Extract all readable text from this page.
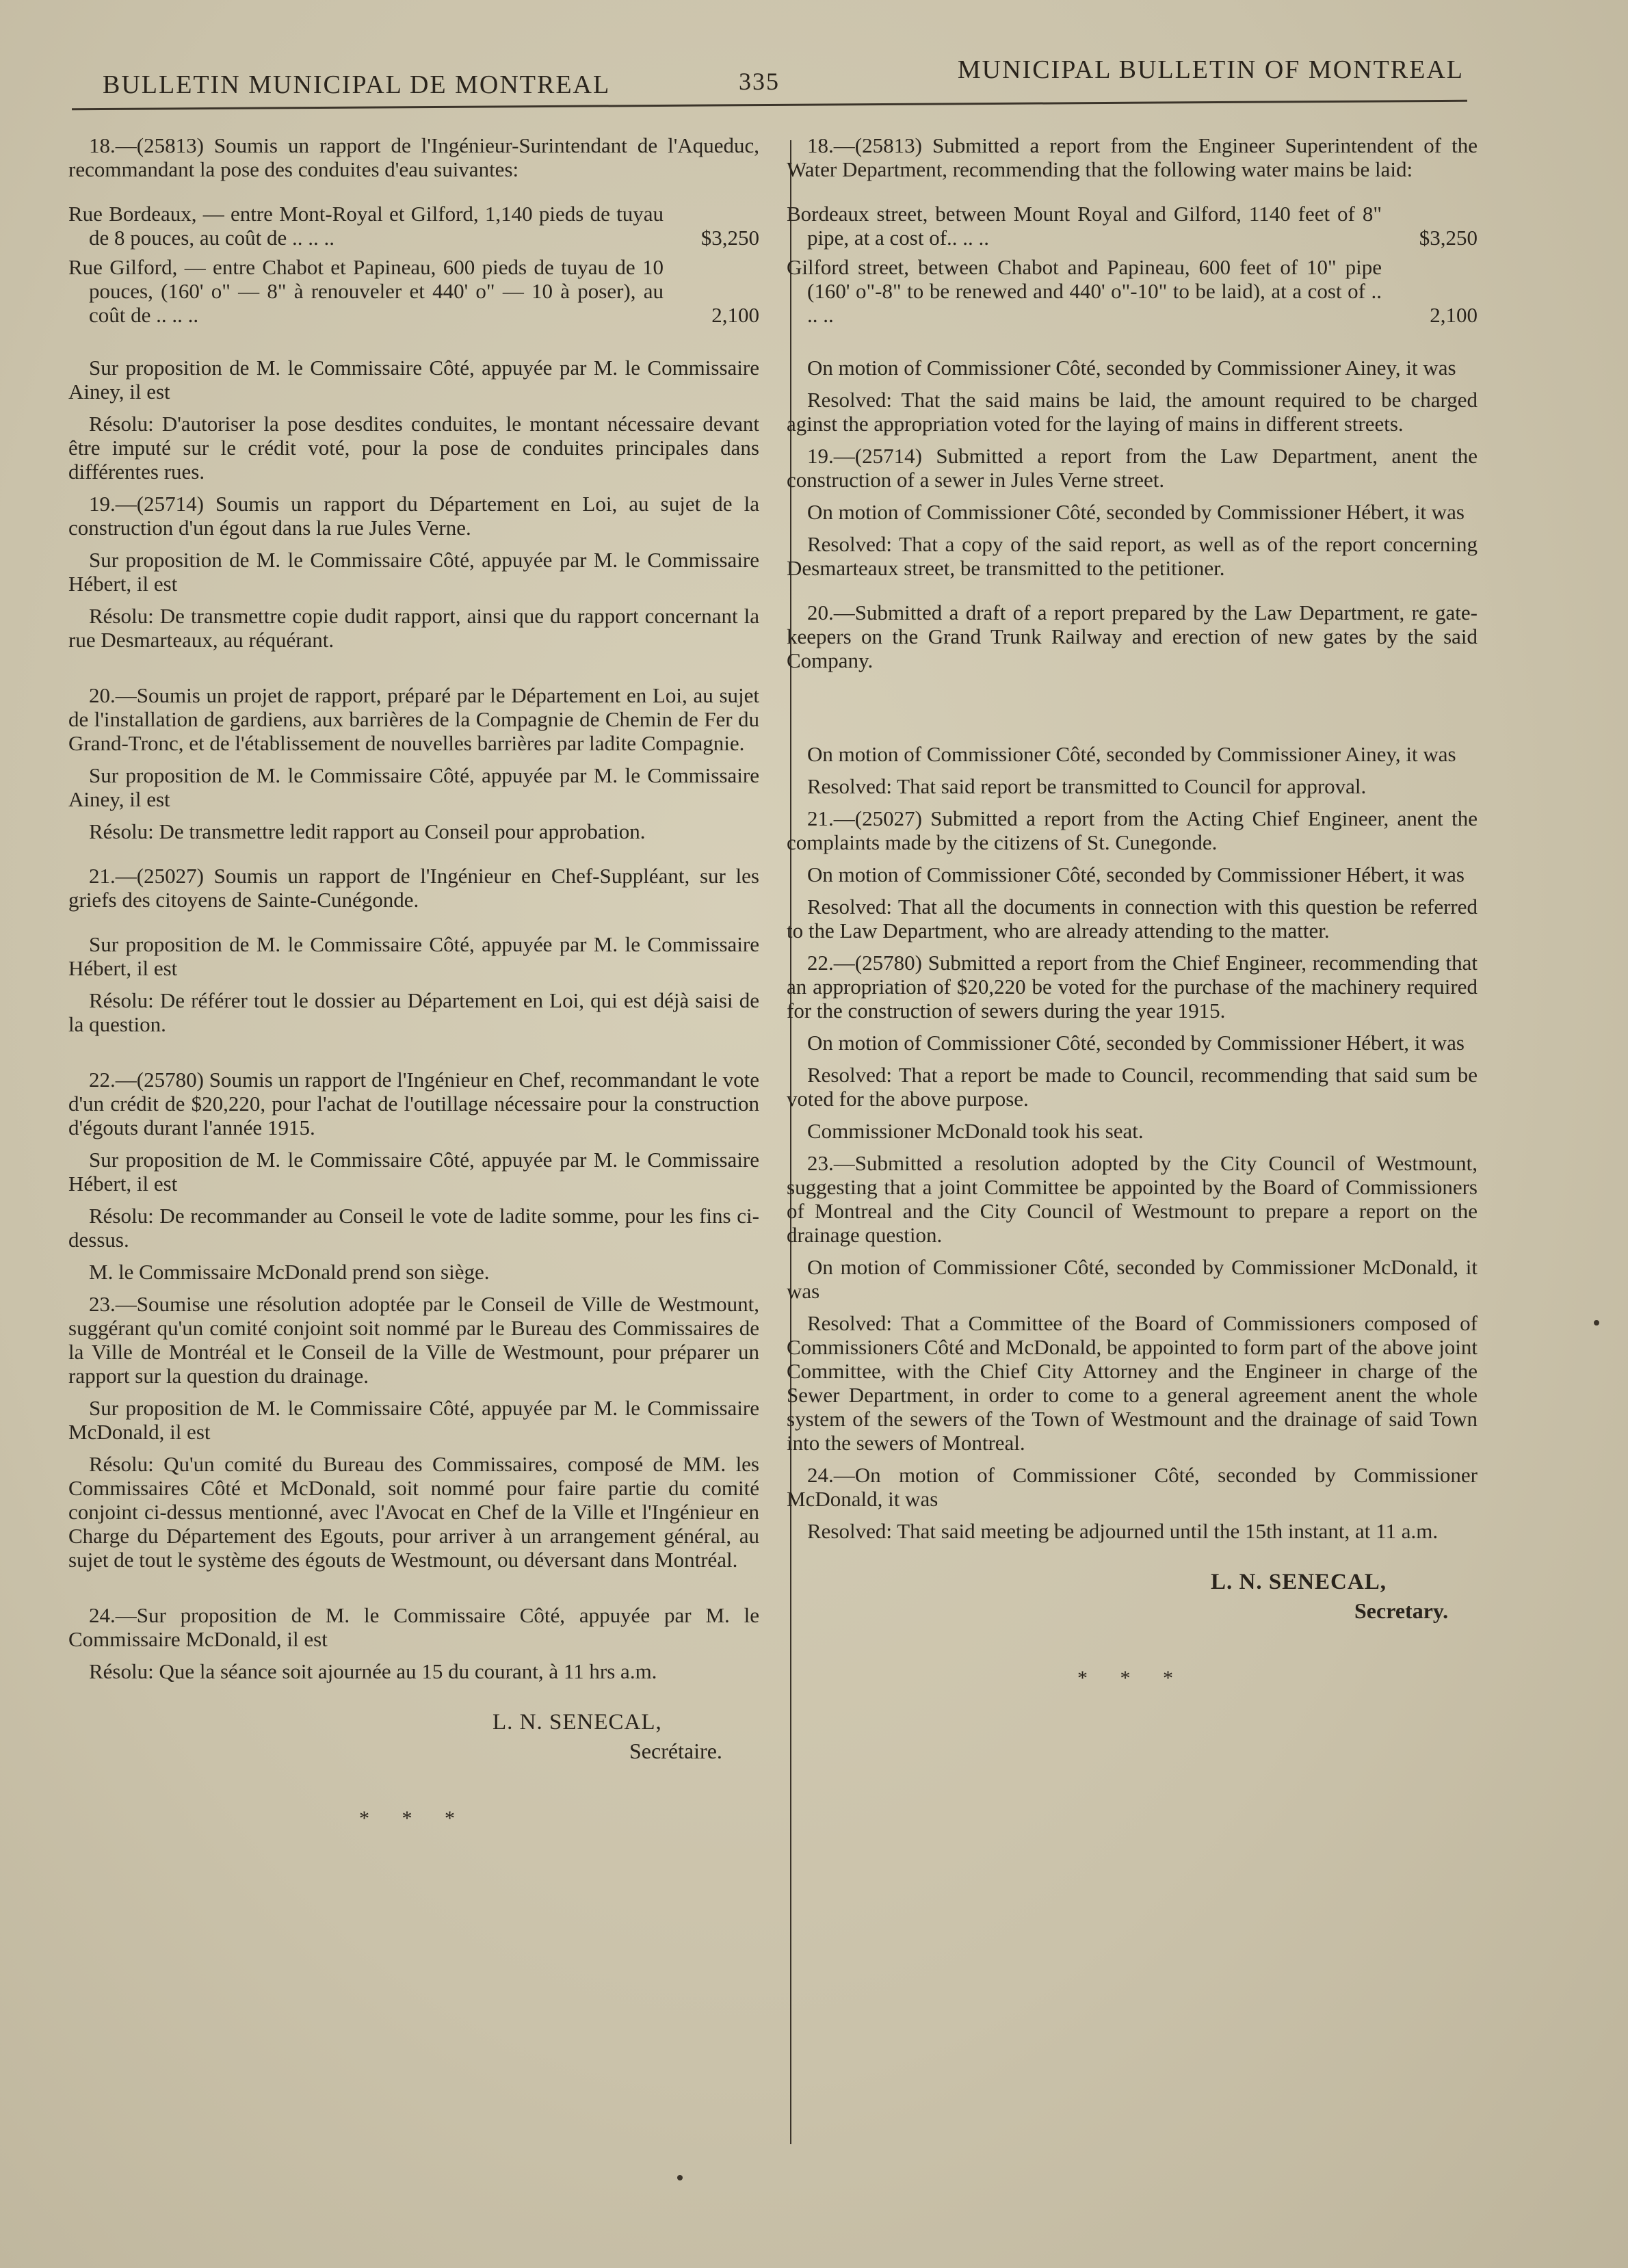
BULLETIN MUNICIPAL DE MONTREAL	335	MUNICIPAL BULLETIN OF MONTREAL

18.—(25813) Soumis un rapport de l'Ingénieur-Surintendant de l'Aqueduc, recommandant la pose des conduites d'eau suivantes:

Rue Bordeaux, — entre Mont-Royal et Gilford, 1,140 pieds de tuyau de 8 pouces, au coût de .. .. ..	$3,250
Rue Gilford, — entre Chabot et Papineau, 600 pieds de tuyau de 10 pouces, (160' o" — 8" à renouveler et 440' o" — 10 à poser), au coût de .. .. ..	2,100

Sur proposition de M. le Commissaire Côté, appuyée par M. le Commissaire Ainey, il est

Résolu: D'autoriser la pose desdites conduites, le montant nécessaire devant être imputé sur le crédit voté, pour la pose de conduites principales dans différentes rues.

19.—(25714) Soumis un rapport du Département en Loi, au sujet de la construction d'un égout dans la rue Jules Verne.

Sur proposition de M. le Commissaire Côté, appuyée par M. le Commissaire Hébert, il est

Résolu: De transmettre copie dudit rapport, ainsi que du rapport concernant la rue Desmarteaux, au réquérant.

20.—Soumis un projet de rapport, préparé par le Département en Loi, au sujet de l'installation de gardiens, aux barrières de la Compagnie de Chemin de Fer du Grand-Tronc, et de l'établissement de nouvelles barrières par ladite Compagnie.

Sur proposition de M. le Commissaire Côté, appuyée par M. le Commissaire Ainey, il est

Résolu: De transmettre ledit rapport au Conseil pour approbation.

21.—(25027) Soumis un rapport de l'Ingénieur en Chef-Suppléant, sur les griefs des citoyens de Sainte-Cunégonde.

Sur proposition de M. le Commissaire Côté, appuyée par M. le Commissaire Hébert, il est

Résolu: De référer tout le dossier au Département en Loi, qui est déjà saisi de la question.

22.—(25780) Soumis un rapport de l'Ingénieur en Chef, recommandant le vote d'un crédit de $20,220, pour l'achat de l'outillage nécessaire pour la construction d'égouts durant l'année 1915.

Sur proposition de M. le Commissaire Côté, appuyée par M. le Commissaire Hébert, il est

Résolu: De recommander au Conseil le vote de ladite somme, pour les fins ci-dessus.

M. le Commissaire McDonald prend son siège.

23.—Soumise une résolution adoptée par le Conseil de Ville de Westmount, suggérant qu'un comité conjoint soit nommé par le Bureau des Commissaires de la Ville de Montréal et le Conseil de la Ville de Westmount, pour préparer un rapport sur la question du drainage.

Sur proposition de M. le Commissaire Côté, appuyée par M. le Commissaire McDonald, il est

Résolu: Qu'un comité du Bureau des Commissaires, composé de MM. les Commissaires Côté et McDonald, soit nommé pour faire partie du comité conjoint ci-dessus mentionné, avec l'Avocat en Chef de la Ville et l'Ingénieur en Charge du Département des Egouts, pour arriver à un arrangement général, au sujet de tout le système des égouts de Westmount, ou déversant dans Montréal.

24.—Sur proposition de M. le Commissaire Côté, appuyée par M. le Commissaire McDonald, il est

Résolu: Que la séance soit ajournée au 15 du courant, à 11 hrs a.m.

L. N. SENECAL,
Secrétaire.
* * *

18.—(25813) Submitted a report from the Engineer Superintendent of the Water Department, recommending that the following water mains be laid:

Bordeaux street, between Mount Royal and Gilford, 1140 feet of 8" pipe, at a cost of.. .. ..	$3,250
Gilford street, between Chabot and Papineau, 600 feet of 10" pipe (160' o"-8" to be renewed and 440' o"-10" to be laid), at a cost of .. .. ..	2,100

On motion of Commissioner Côté, seconded by Commissioner Ainey, it was

Resolved: That the said mains be laid, the amount required to be charged aginst the appropriation voted for the laying of mains in different streets.

19.—(25714) Submitted a report from the Law Department, anent the construction of a sewer in Jules Verne street.

On motion of Commissioner Côté, seconded by Commissioner Hébert, it was

Resolved: That a copy of the said report, as well as of the report concerning Desmarteaux street, be transmitted to the petitioner.

20.—Submitted a draft of a report prepared by the Law Department, re gate-keepers on the Grand Trunk Railway and erection of new gates by the said Company.

On motion of Commissioner Côté, seconded by Commissioner Ainey, it was

Resolved: That said report be transmitted to Council for approval.

21.—(25027) Submitted a report from the Acting Chief Engineer, anent the complaints made by the citizens of St. Cunegonde.

On motion of Commissioner Côté, seconded by Commissioner Hébert, it was

Resolved: That all the documents in connection with this question be referred to the Law Department, who are already attending to the matter.

22.—(25780) Submitted a report from the Chief Engineer, recommending that an appropriation of $20,220 be voted for the purchase of the machinery required for the construction of sewers during the year 1915.

On motion of Commissioner Côté, seconded by Commissioner Hébert, it was

Resolved: That a report be made to Council, recommending that said sum be voted for the above purpose.

Commissioner McDonald took his seat.

23.—Submitted a resolution adopted by the City Council of Westmount, suggesting that a joint Committee be appointed by the Board of Commissioners of Montreal and the City Council of Westmount to prepare a report on the drainage question.

On motion of Commissioner Côté, seconded by Commissioner McDonald, it was

Resolved: That a Committee of the Board of Commissioners composed of Commissioners Côté and McDonald, be appointed to form part of the above joint Committee, with the Chief City Attorney and the Engineer in charge of the Sewer Department, in order to come to a general agreement anent the whole system of the sewers of the Town of Westmount and the drainage of said Town into the sewers of Montreal.

24.—On motion of Commissioner Côté, seconded by Commissioner McDonald, it was

Resolved: That said meeting be adjourned until the 15th instant, at 11 a.m.

L. N. SENECAL,
Secretary.
* * *
